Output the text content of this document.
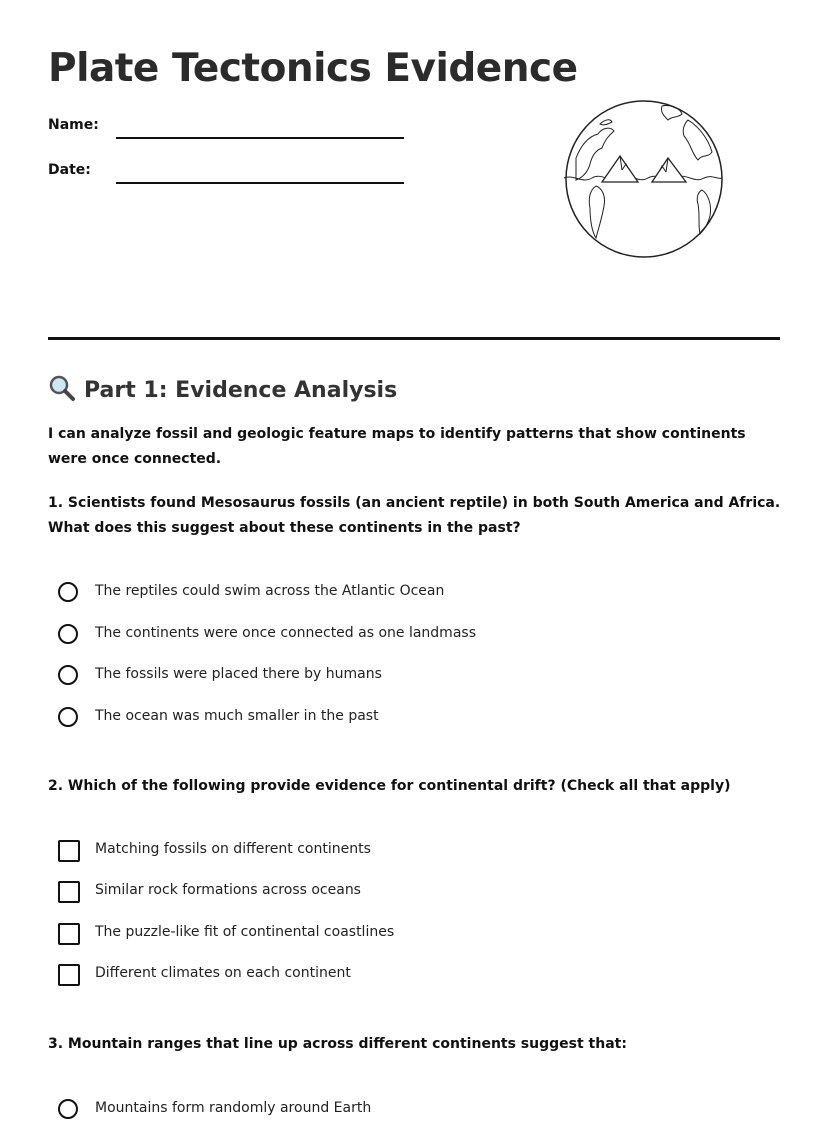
Plate Tectonics Evidence
Name:
Date:
Part 1: Evidence Analysis

I can analyze fossil and geologic feature maps to identify patterns that show continents were once connected.

1. Scientists found Mesosaurus fossils (an ancient reptile) in both South America and Africa. What does this suggest about these continents in the past?

The reptiles could swim across the Atlantic Ocean
The continents were once connected as one landmass
The fossils were placed there by humans
The ocean was much smaller in the past

2. Which of the following provide evidence for continental drift? (Check all that apply)

Matching fossils on different continents
Similar rock formations across oceans
The puzzle-like fit of continental coastlines
Different climates on each continent

3. Mountain ranges that line up across different continents suggest that:

Mountains form randomly around Earth
